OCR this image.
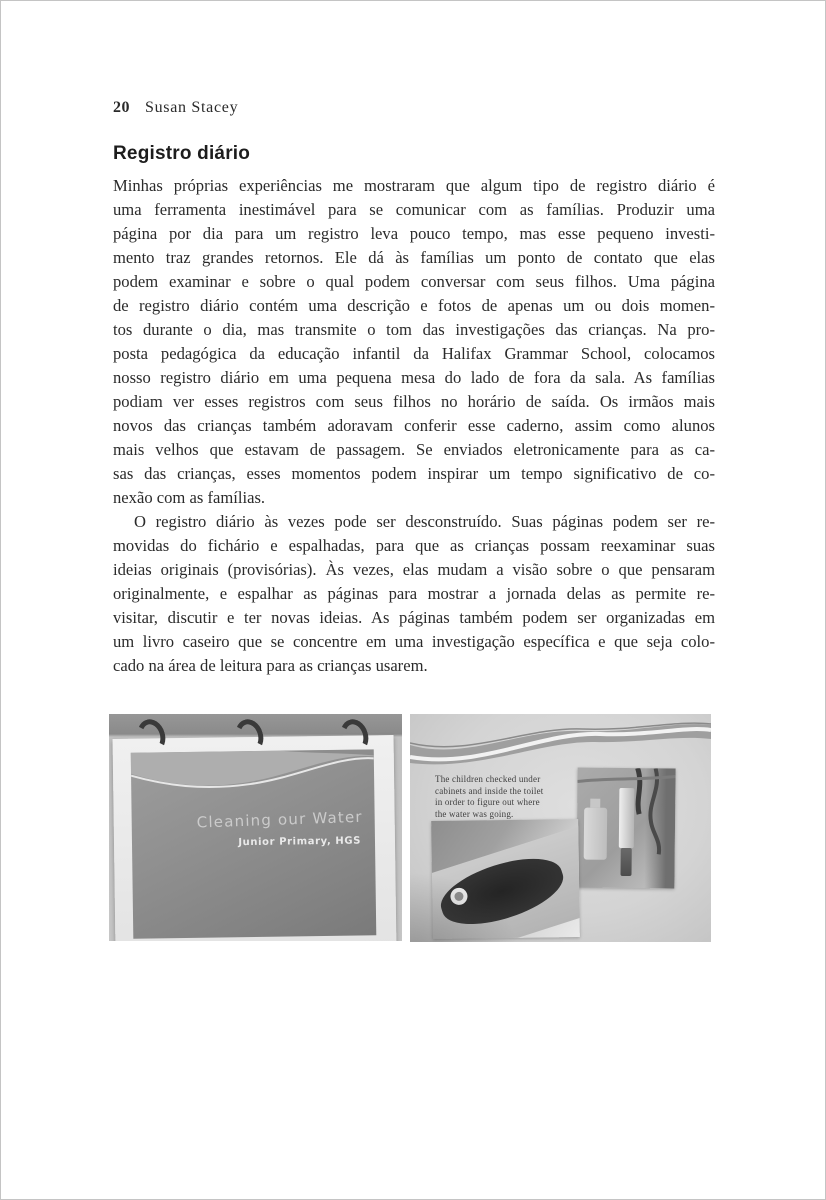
20 Susan Stacey
Registro diário
Minhas próprias experiências me mostraram que algum tipo de registro diário é
uma ferramenta inestimável para se comunicar com as famílias. Produzir uma
página por dia para um registro leva pouco tempo, mas esse pequeno investi-
mento traz grandes retornos. Ele dá às famílias um ponto de contato que elas
podem examinar e sobre o qual podem conversar com seus filhos. Uma página
de registro diário contém uma descrição e fotos de apenas um ou dois momen-
tos durante o dia, mas transmite o tom das investigações das crianças. Na pro-
posta pedagógica da educação infantil da Halifax Grammar School, colocamos
nosso registro diário em uma pequena mesa do lado de fora da sala. As famílias
podiam ver esses registros com seus filhos no horário de saída. Os irmãos mais
novos das crianças também adoravam conferir esse caderno, assim como alunos
mais velhos que estavam de passagem. Se enviados eletronicamente para as ca-
sas das crianças, esses momentos podem inspirar um tempo significativo de co-
nexão com as famílias.
O registro diário às vezes pode ser desconstruído. Suas páginas podem ser re-
movidas do fichário e espalhadas, para que as crianças possam reexaminar suas
ideias originais (provisórias). Às vezes, elas mudam a visão sobre o que pensaram
originalmente, e espalhar as páginas para mostrar a jornada delas as permite re-
visitar, discutir e ter novas ideias. As páginas também podem ser organizadas em
um livro caseiro que se concentre em uma investigação específica e que seja colo-
cado na área de leitura para as crianças usarem.
Cleaning our Water
Junior Primary, HGS
The children checked under
cabinets and inside the toilet
in order to figure out where
the water was going.
